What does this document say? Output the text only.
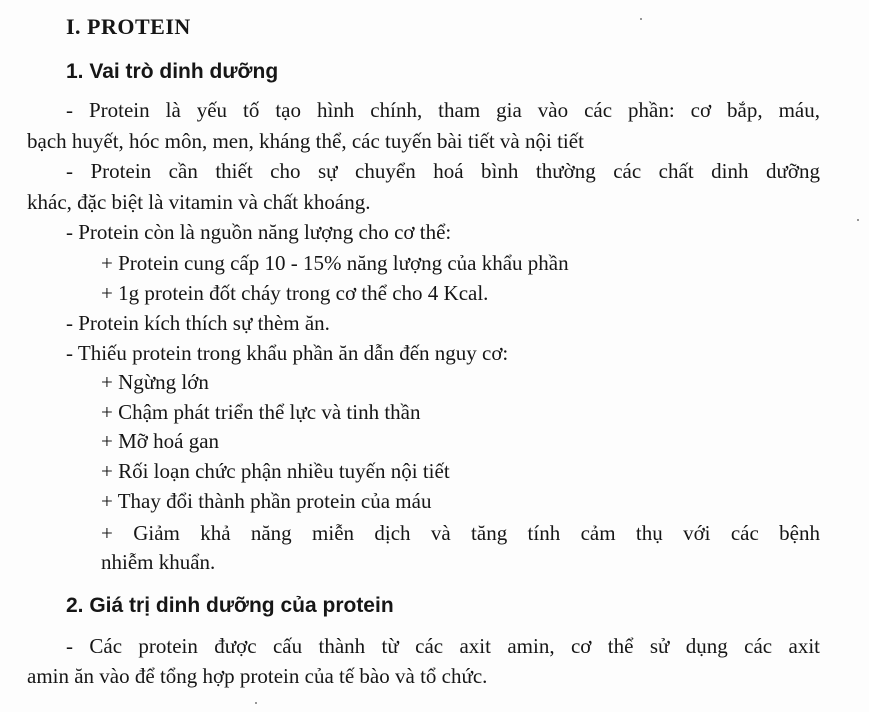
I. PROTEIN
1. Vai trò dinh dưỡng
- Protein là yếu tố tạo hình chính, tham gia vào các phần: cơ bắp, máu,
bạch huyết, hóc môn, men, kháng thể, các tuyến bài tiết và nội tiết
- Protein cần thiết cho sự chuyển hoá bình thường các chất dinh dưỡng
khác, đặc biệt là vitamin và chất khoáng.
- Protein còn là nguồn năng lượng cho cơ thể:
+ Protein cung cấp 10 - 15% năng lượng của khẩu phần
+ 1g protein đốt cháy trong cơ thể cho 4 Kcal.
- Protein kích thích sự thèm ăn.
- Thiếu protein trong khẩu phần ăn dẫn đến nguy cơ:
+ Ngừng lớn
+ Chậm phát triển thể lực và tinh thần
+ Mỡ hoá gan
+ Rối loạn chức phận nhiều tuyến nội tiết
+ Thay đổi thành phần protein của máu
+ Giảm khả năng miễn dịch và tăng tính cảm thụ với các bệnh
nhiễm khuẩn.
2. Giá trị dinh dưỡng của protein
- Các protein được cấu thành từ các axit amin, cơ thể sử dụng các axit
amin ăn vào để tổng hợp protein của tế bào và tổ chức.
